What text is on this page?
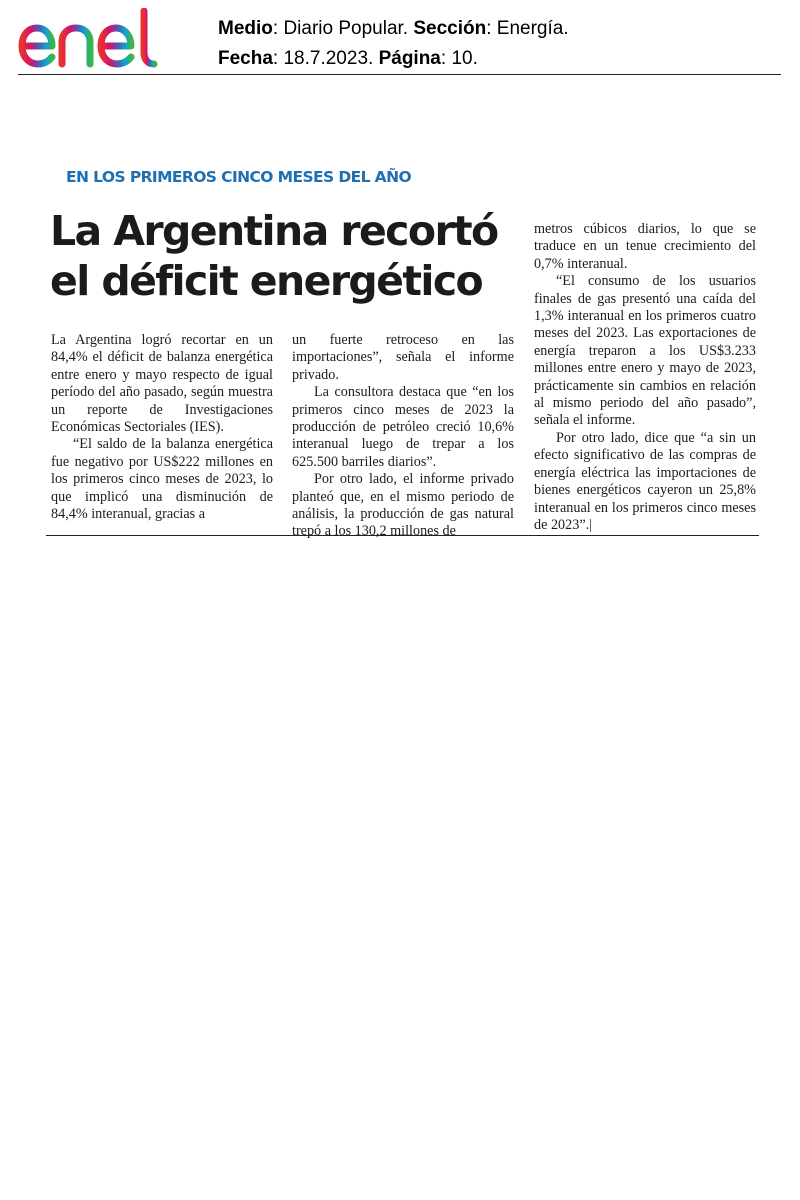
Medio: Diario Popular. Sección: Energía.
Fecha: 18.7.2023. Página: 10.
EN LOS PRIMEROS CINCO MESES DEL AÑO
La Argentina recortó el déficit energético

La Argentina logró recortar en un 84,4% el déficit de balanza energética entre enero y mayo respecto de igual período del año pasado, según muestra un reporte de Investigaciones Económicas Sectoriales (IES).

“El saldo de la balanza energética fue negativo por US$222 millones en los primeros cinco meses de 2023, lo que implicó una disminución de 84,4% interanual, gracias a

un fuerte retroceso en las importaciones”, señala el informe privado.

La consultora destaca que “en los primeros cinco meses de 2023 la producción de petróleo creció 10,6% interanual luego de trepar a los 625.500 barriles diarios”.

Por otro lado, el informe privado planteó que, en el mismo periodo de análisis, la producción de gas natural trepó a los 130,2 millones de

metros cúbicos diarios, lo que se traduce en un tenue crecimiento del 0,7% interanual.

“El consumo de los usuarios finales de gas presentó una caída del 1,3% interanual en los primeros cuatro meses del 2023. Las exportaciones de energía treparon a los US$3.233 millones entre enero y mayo de 2023, prácticamente sin cambios en relación al mismo periodo del año pasado”, señala el informe.

Por otro lado, dice que “a sin un efecto significativo de las compras de energía eléctrica las importaciones de bienes energéticos cayeron un 25,8% interanual en los primeros cinco meses de 2023”.|
